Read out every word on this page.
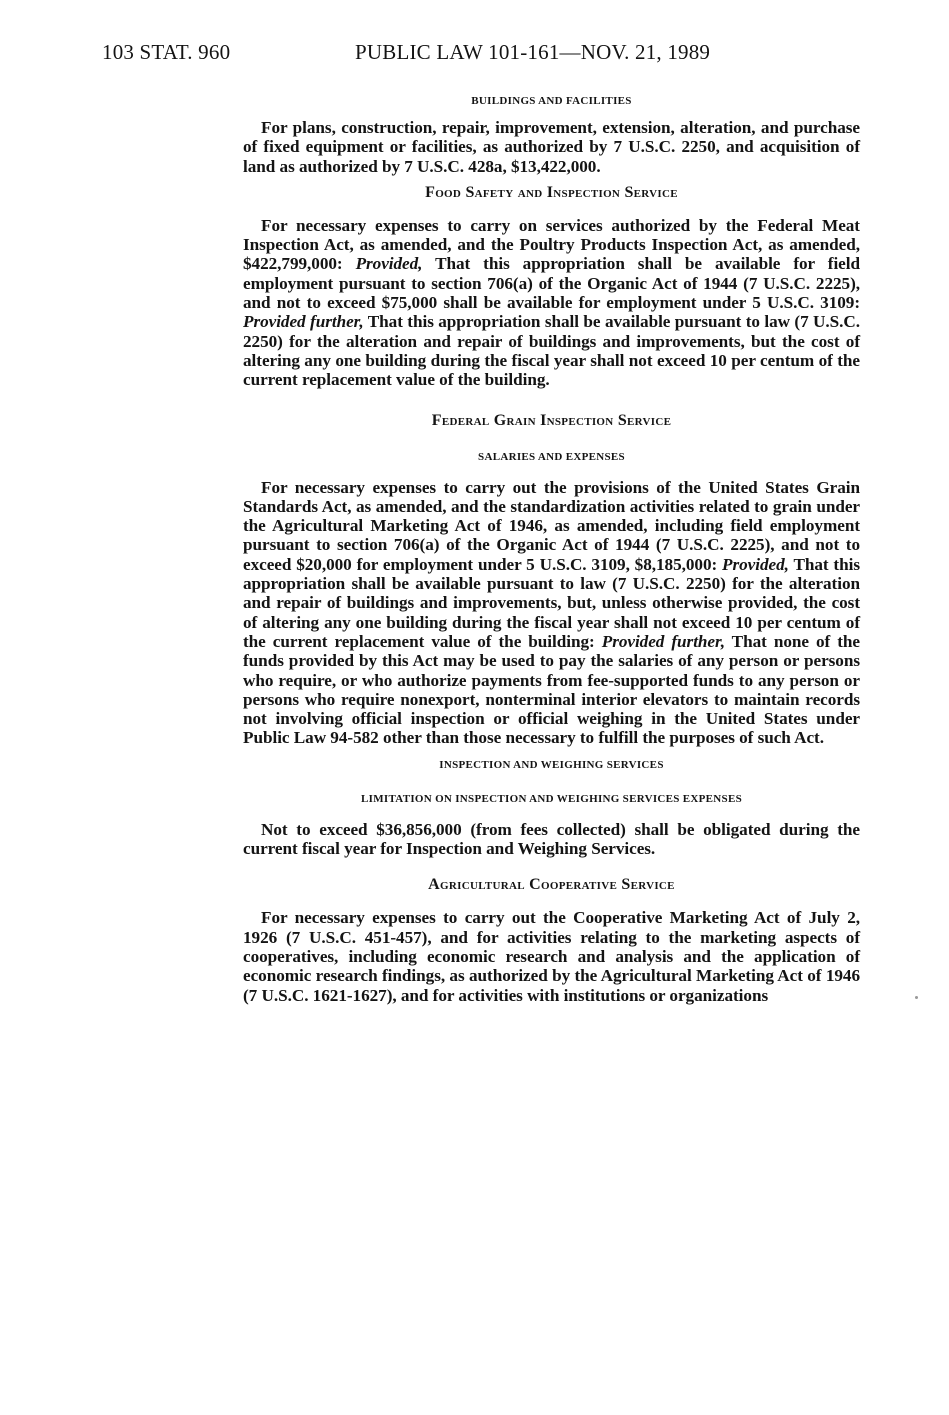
103 STAT. 960	PUBLIC LAW 101-161—NOV. 21, 1989
BUILDINGS AND FACILITIES

For plans, construction, repair, improvement, extension, alteration, and purchase of fixed equipment or facilities, as authorized by 7 U.S.C. 2250, and acquisition of land as authorized by 7 U.S.C. 428a, $13,422,000.

Food Safety and Inspection Service

For necessary expenses to carry on services authorized by the Federal Meat Inspection Act, as amended, and the Poultry Products Inspection Act, as amended, $422,799,000: Provided, That this appropriation shall be available for field employment pursuant to section 706(a) of the Organic Act of 1944 (7 U.S.C. 2225), and not to exceed $75,000 shall be available for employment under 5 U.S.C. 3109: Provided further, That this appropriation shall be available pursuant to law (7 U.S.C. 2250) for the alteration and repair of buildings and improvements, but the cost of altering any one building during the fiscal year shall not exceed 10 per centum of the current replacement value of the building.

Federal Grain Inspection Service
SALARIES AND EXPENSES

For necessary expenses to carry out the provisions of the United States Grain Standards Act, as amended, and the standardization activities related to grain under the Agricultural Marketing Act of 1946, as amended, including field employment pursuant to section 706(a) of the Organic Act of 1944 (7 U.S.C. 2225), and not to exceed $20,000 for employment under 5 U.S.C. 3109, $8,185,000: Provided, That this appropriation shall be available pursuant to law (7 U.S.C. 2250) for the alteration and repair of buildings and improvements, but, unless otherwise provided, the cost of altering any one building during the fiscal year shall not exceed 10 per centum of the current replacement value of the building: Provided further, That none of the funds provided by this Act may be used to pay the salaries of any person or persons who require, or who authorize payments from fee-supported funds to any person or persons who require nonexport, nonterminal interior elevators to maintain records not involving official inspection or official weighing in the United States under Public Law 94-582 other than those necessary to fulfill the purposes of such Act.

INSPECTION AND WEIGHING SERVICES
LIMITATION ON INSPECTION AND WEIGHING SERVICES EXPENSES

Not to exceed $36,856,000 (from fees collected) shall be obligated during the current fiscal year for Inspection and Weighing Services.

Agricultural Cooperative Service

For necessary expenses to carry out the Cooperative Marketing Act of July 2, 1926 (7 U.S.C. 451-457), and for activities relating to the marketing aspects of cooperatives, including economic research and analysis and the application of economic research findings, as authorized by the Agricultural Marketing Act of 1946 (7 U.S.C. 1621-1627), and for activities with institutions or organizations
